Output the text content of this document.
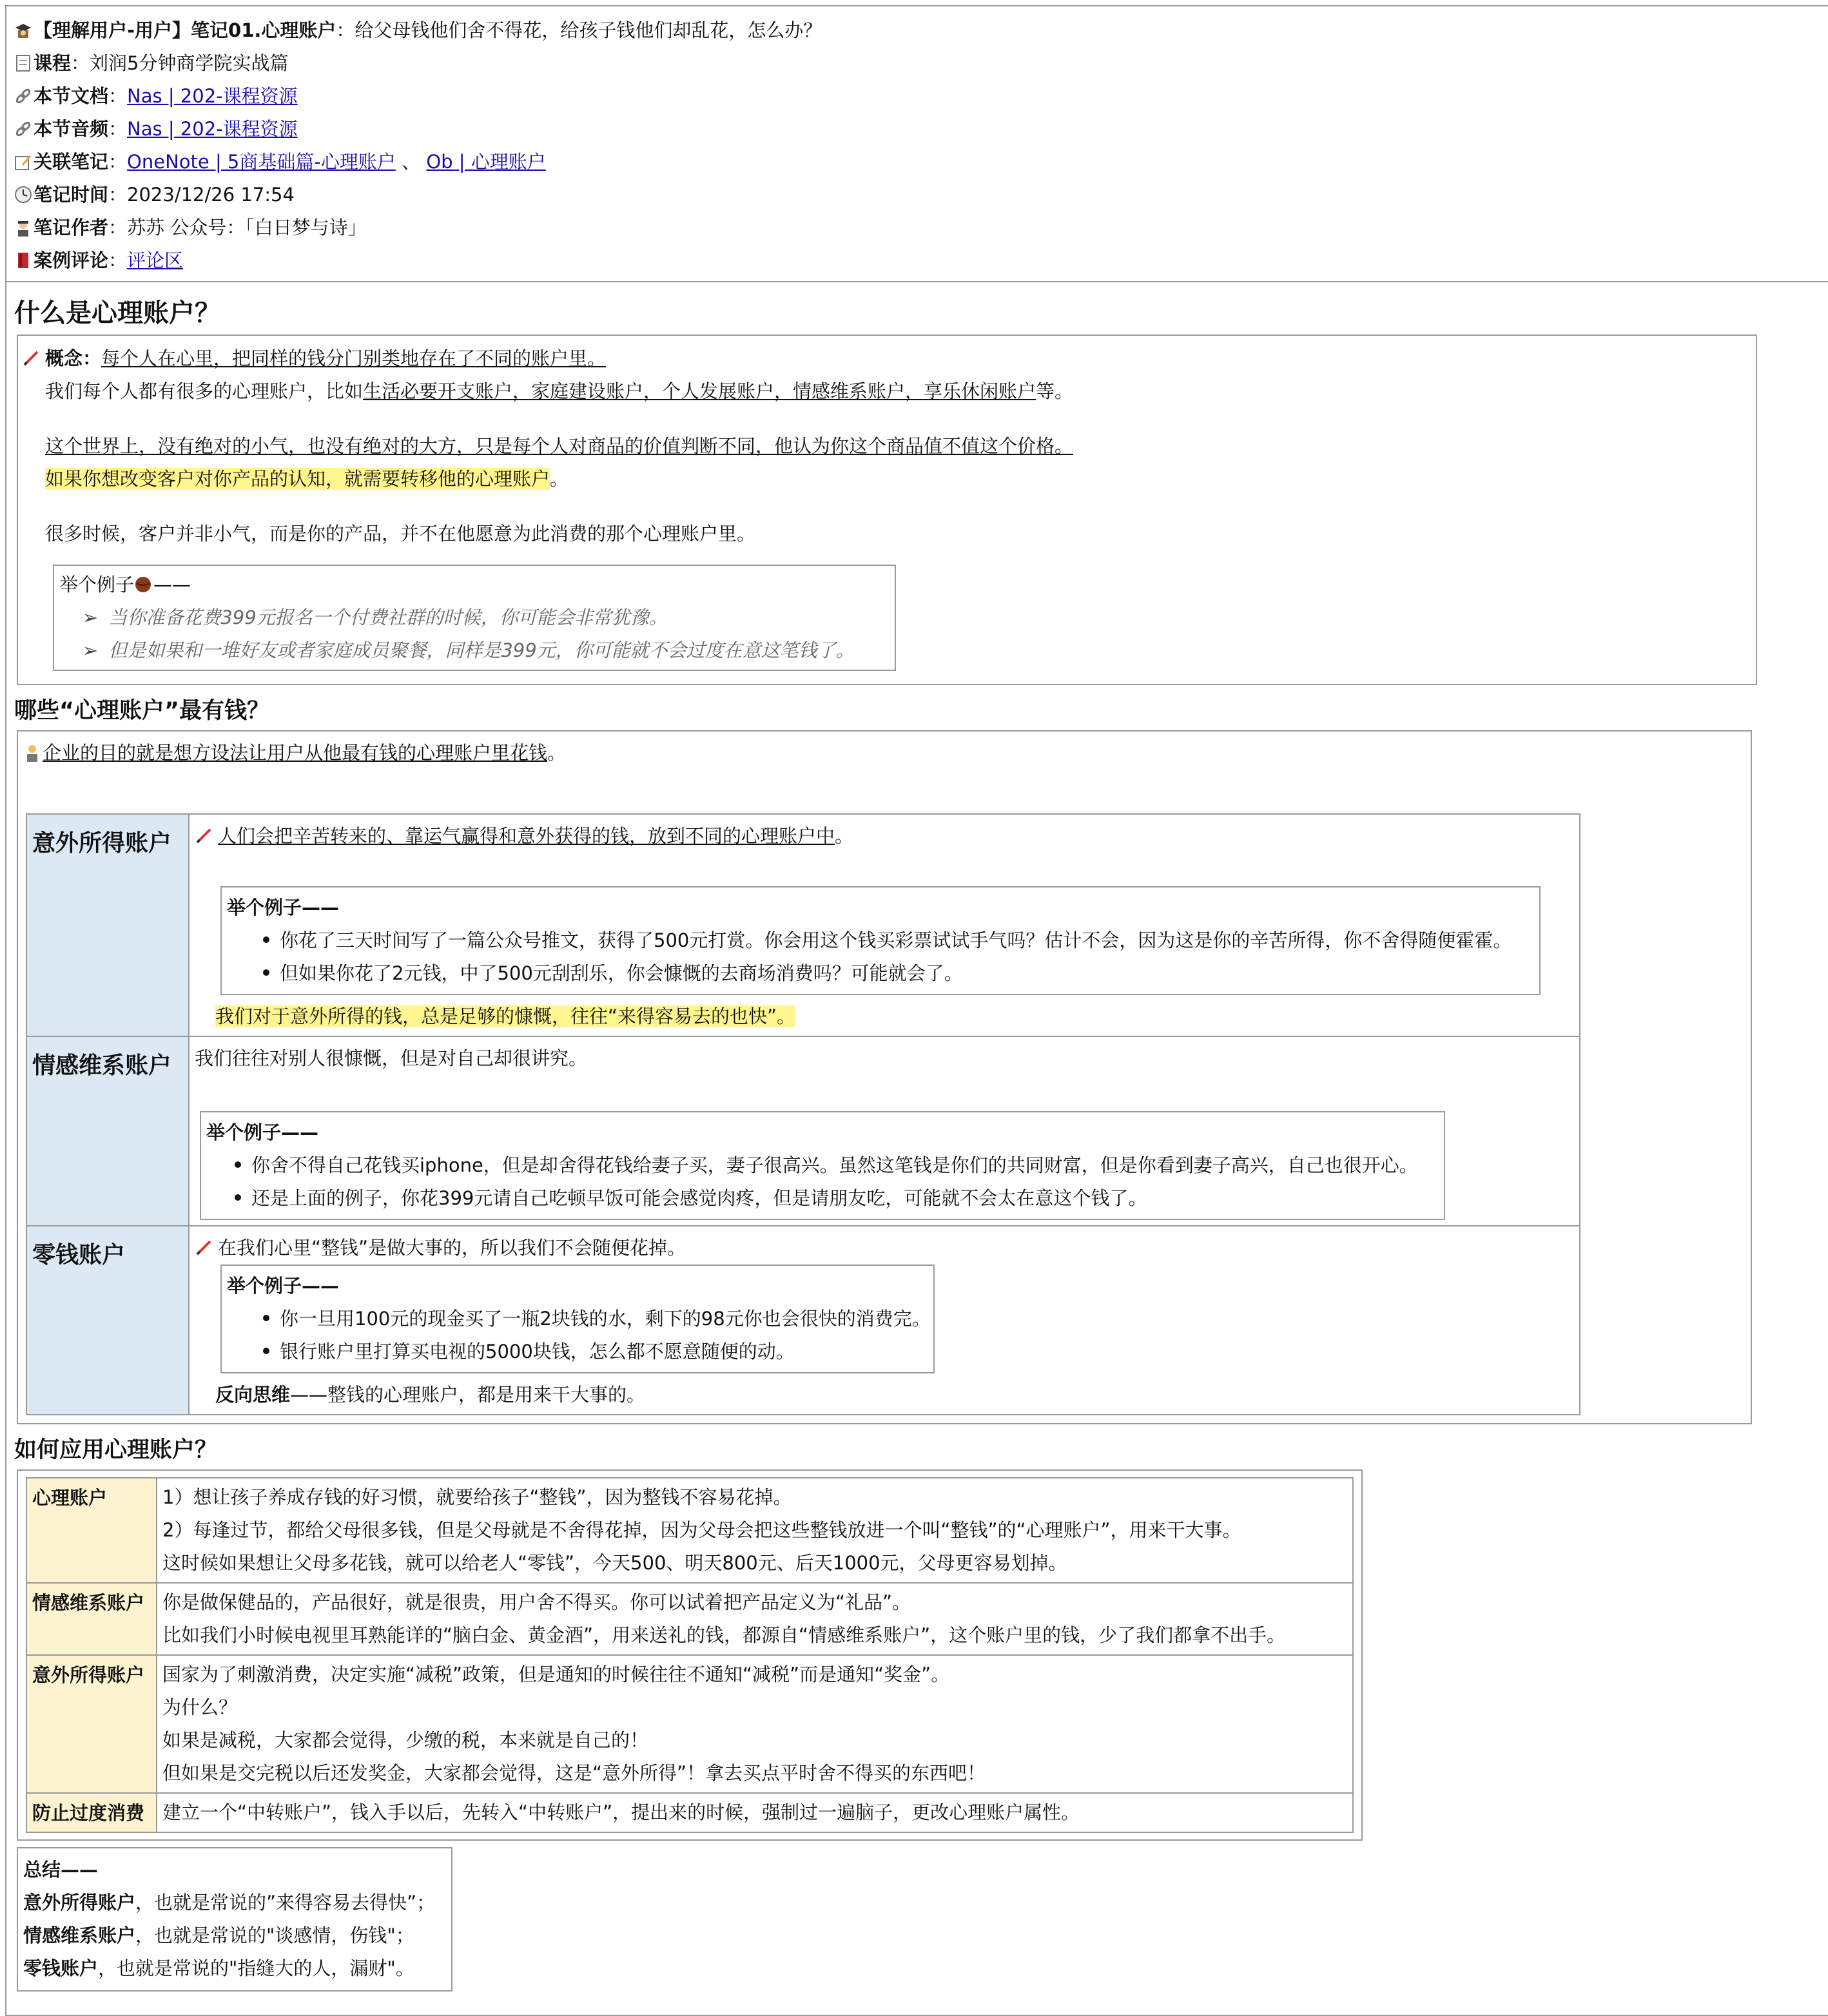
【理解用户-用户】笔记01.心理账户：给父母钱他们舍不得花，给孩子钱他们却乱花，怎么办？
课程：刘润5分钟商学院实战篇
本节文档：Nas | 202-课程资源
本节音频：Nas | 202-课程资源
关联笔记：OneNote | 5商基础篇-心理账户 、 Ob | 心理账户
笔记时间：2023/12/26 17:54
笔记作者：苏苏 公众号：「白日梦与诗」
案例评论：评论区
什么是心理账户？
概念：每个人在心里，把同样的钱分门别类地存在了不同的账户里。
我们每个人都有很多的心理账户，比如生活必要开支账户，家庭建设账户，个人发展账户，情感维系账户，享乐休闲账户等。
这个世界上，没有绝对的小气，也没有绝对的大方，只是每个人对商品的价值判断不同，他认为你这个商品值不值这个价格。
如果你想改变客户对你产品的认知，就需要转移他的心理账户。
很多时候，客户并非小气，而是你的产品，并不在他愿意为此消费的那个心理账户里。
举个例子 ——
➢ 当你准备花费399元报名一个付费社群的时候，你可能会非常犹豫。
➢ 但是如果和一堆好友或者家庭成员聚餐，同样是399元，你可能就不会过度在意这笔钱了。
哪些“心理账户”最有钱？
企业的目的就是想方设法让用户从他最有钱的心理账户里花钱。
意外所得账户	人们会把辛苦转来的、靠运气赢得和意外获得的钱，放到不同的心理账户中。
举个例子——
你花了三天时间写了一篇公众号推文，获得了500元打赏。你会用这个钱买彩票试试手气吗？估计不会，因为这是你的辛苦所得，你不舍得随便霍霍。
但如果你花了2元钱，中了500元刮刮乐，你会慷慨的去商场消费吗？可能就会了。
我们对于意外所得的钱，总是足够的慷慨，往往“来得容易去的也快”。

情感维系账户	我们往往对别人很慷慨，但是对自己却很讲究。
举个例子——
你舍不得自己花钱买iphone，但是却舍得花钱给妻子买，妻子很高兴。虽然这笔钱是你们的共同财富，但是你看到妻子高兴，自己也很开心。
还是上面的例子，你花399元请自己吃顿早饭可能会感觉肉疼，但是请朋友吃，可能就不会太在意这个钱了。

零钱账户	在我们心里“整钱”是做大事的，所以我们不会随便花掉。
举个例子——
你一旦用100元的现金买了一瓶2块钱的水，剩下的98元你也会很快的消费完。
银行账户里打算买电视的5000块钱，怎么都不愿意随便的动。
反向思维——整钱的心理账户，都是用来干大事的。
如何应用心理账户？
心理账户	1）想让孩子养成存钱的好习惯，就要给孩子“整钱”，因为整钱不容易花掉。
2）每逢过节，都给父母很多钱，但是父母就是不舍得花掉，因为父母会把这些整钱放进一个叫“整钱”的“心理账户”，用来干大事。
这时候如果想让父母多花钱，就可以给老人“零钱”，今天500、明天800元、后天1000元，父母更容易划掉。

情感维系账户	你是做保健品的，产品很好，就是很贵，用户舍不得买。你可以试着把产品定义为“礼品”。
比如我们小时候电视里耳熟能详的“脑白金、黄金酒”，用来送礼的钱，都源自“情感维系账户”，这个账户里的钱，少了我们都拿不出手。

意外所得账户	国家为了刺激消费，决定实施“减税”政策，但是通知的时候往往不通知“减税”而是通知“奖金”。
为什么？
如果是减税，大家都会觉得，少缴的税，本来就是自己的！
但如果是交完税以后还发奖金，大家都会觉得，这是“意外所得”！拿去买点平时舍不得买的东西吧！

防止过度消费	建立一个“中转账户”，钱入手以后，先转入“中转账户”，提出来的时候，强制过一遍脑子，更改心理账户属性。
总结——
意外所得账户，也就是常说的”来得容易去得快”；
情感维系账户，也就是常说的"谈感情，伤钱"；
零钱账户，也就是常说的"指缝大的人，漏财"。
